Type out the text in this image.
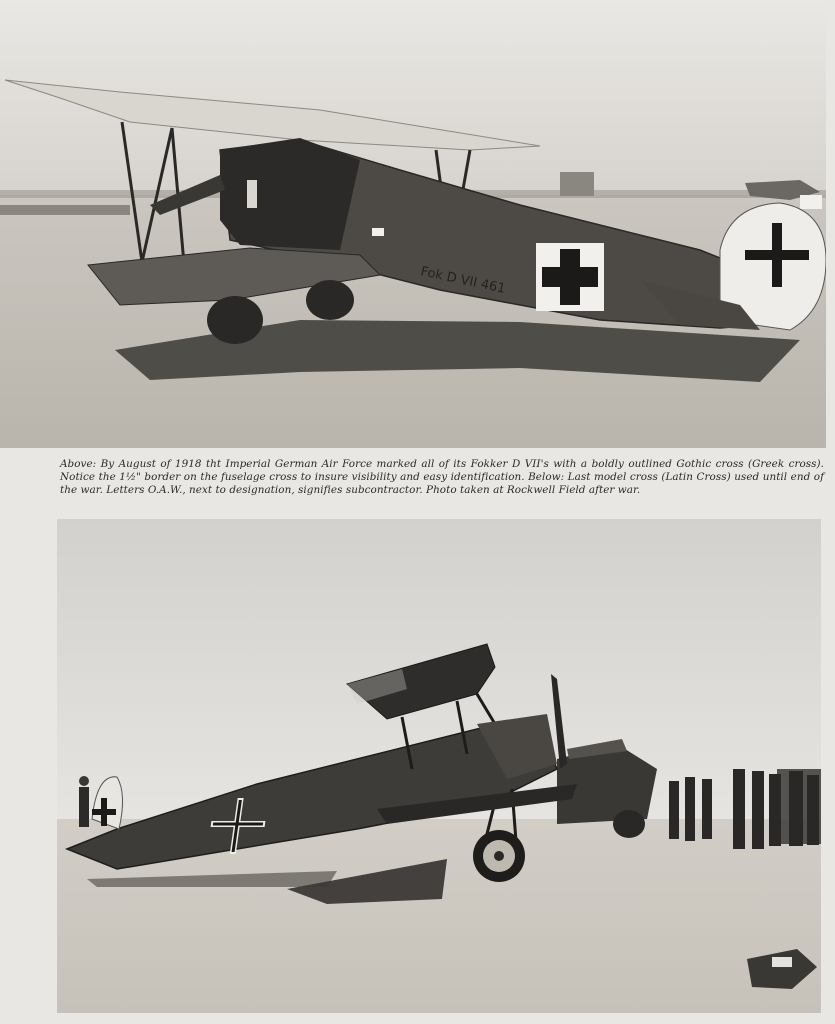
Fok D VII 461
Above: By August of 1918 tht Imperial German Air Force marked all of its Fokker D VII's with a boldly outlined Gothic cross (Greek cross). Notice the 1½" border on the fuselage cross to insure visibility and easy identification. Below: Last model cross (Latin Cross) used until end of the war. Letters O.A.W., next to designation, signifies subcontractor. Photo taken at Rockwell Field after war.
